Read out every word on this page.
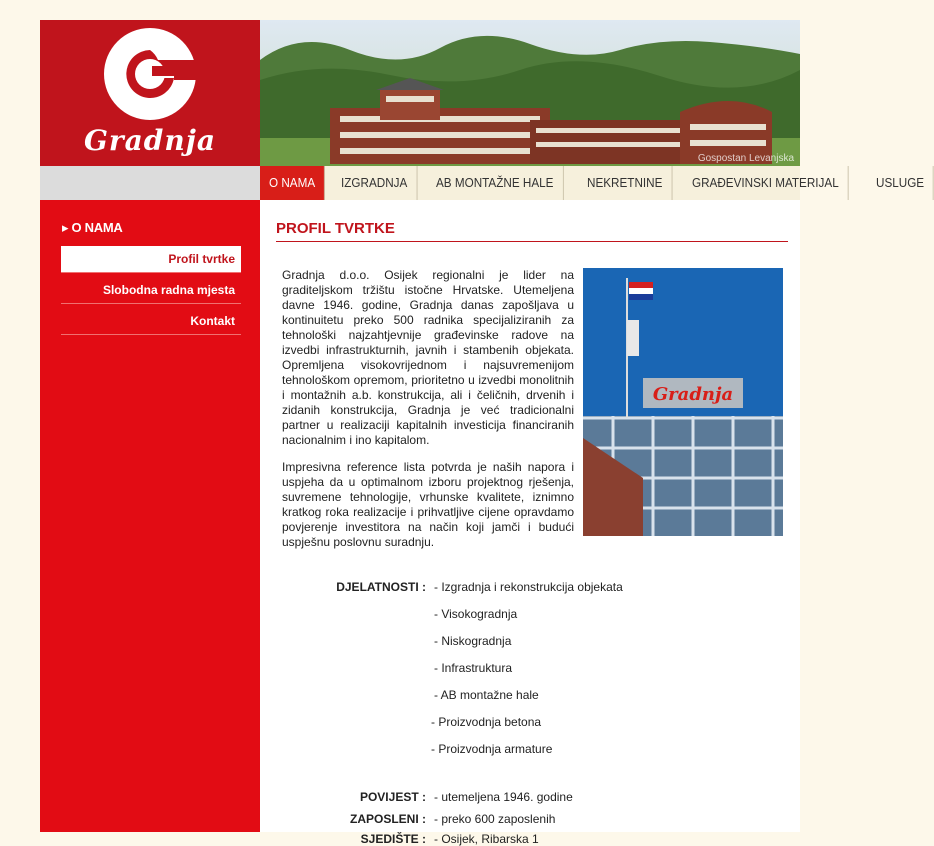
Gradnja
Gospostan Levanjska
O NAMA	IZGRADNJA	AB MONTAŽNE HALE	NEKRETNINE	GRAĐEVINSKI MATERIJAL	USLUGE
▸ O NAMA
Profil tvrtke
Slobodna radna mjesta
Kontakt
PROFIL TVRTKE
Gradnja
Gradnja d.o.o. Osijek regionalni je lider na graditeljskom tržištu istočne Hrvatske. Utemeljena davne 1946. godine, Gradnja danas zapošljava u kontinuitetu preko 500 radnika specijaliziranih za tehnološki najzahtjevnije građevinske radove na izvedbi infrastrukturnih, javnih i stambenih objekata. Opremljena visokovrijednom i najsuvremenijom tehnološkom opremom, prioritetno u izvedbi monolitnih i montažnih a.b. konstrukcija, ali i čeličnih, drvenih i zidanih konstrukcija, Gradnja je već tradicionalni partner u realizaciji kapitalnih investicija financiranih nacionalnim i ino kapitalom.
Impresivna reference lista potvrda je naših napora i uspjeha da u optimalnom izboru projektnog rješenja, suvremene tehnologije, vrhunske kvalitete, iznimno kratkog roka realizacije i prihvatljive cijene opravdamo povjerenje investitora na način koji jamči i budući uspješnu poslovnu suradnju.
DJELATNOSTI : - Izgradnja i rekonstrukcija objekata
- Visokogradnja
- Niskogradnja
- Infrastruktura
- AB montažne hale
- Proizvodnja betona
- Proizvodnja armature
POVIJEST : - utemeljena 1946. godine
ZAPOSLENI : - preko 600 zaposlenih
SJEDIŠTE : - Osijek, Ribarska 1
